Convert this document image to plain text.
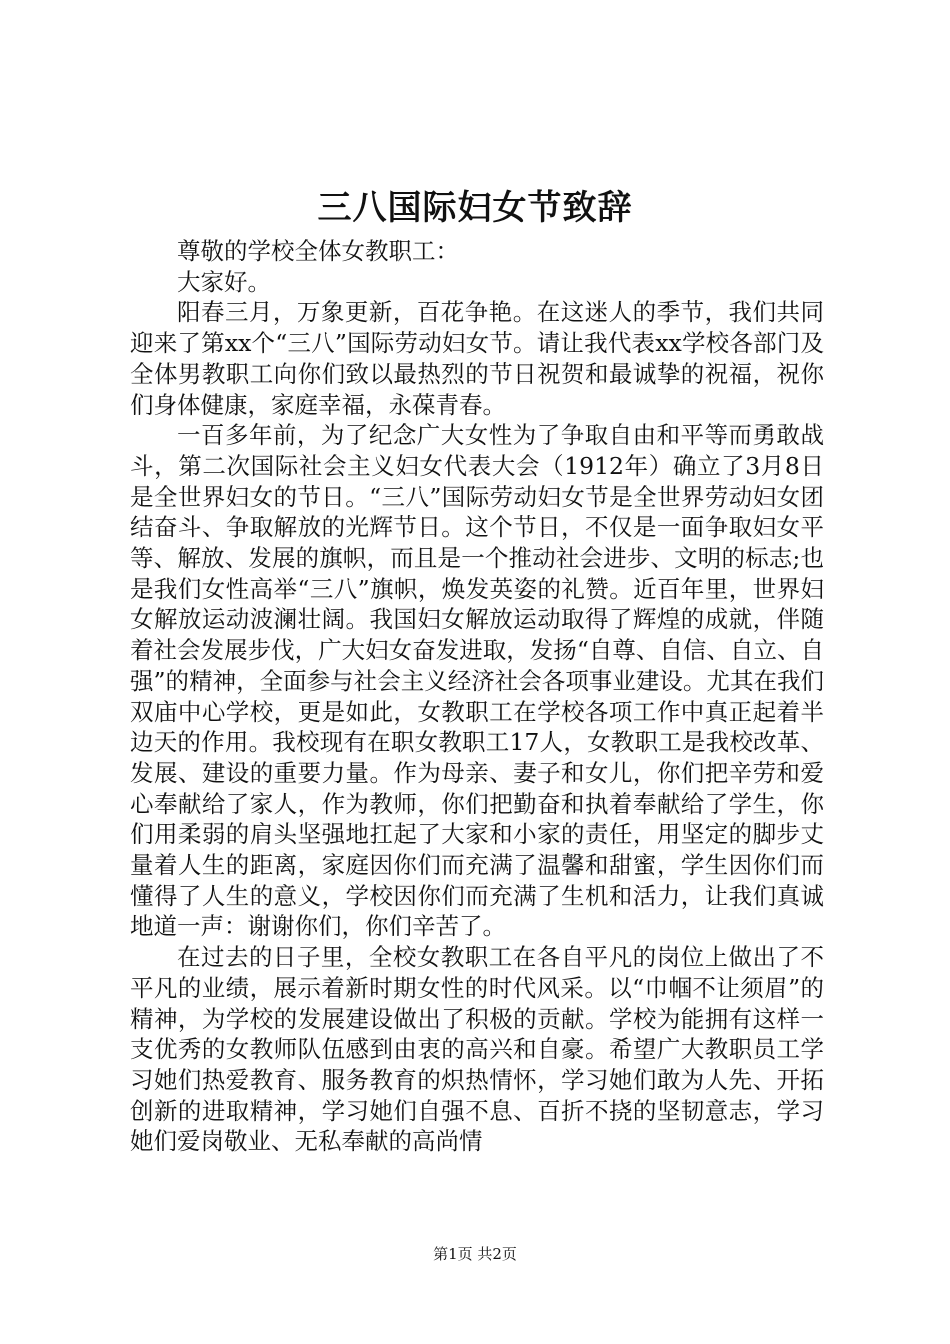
三八国际妇女节致辞

尊敬的学校全体女教职工：

大家好。

阳春三月，万象更新，百花争艳。在这迷人的季节，我们共同迎来了第xx个“三八”国际劳动妇女节。请让我代表xx学校各部门及全体男教职工向你们致以最热烈的节日祝贺和最诚挚的祝福，祝你们身体健康，家庭幸福，永葆青春。

一百多年前，为了纪念广大女性为了争取自由和平等而勇敢战斗，第二次国际社会主义妇女代表大会（1912年）确立了3月8日是全世界妇女的节日。“三八”国际劳动妇女节是全世界劳动妇女团结奋斗、争取解放的光辉节日。这个节日，不仅是一面争取妇女平等、解放、发展的旗帜，而且是一个推动社会进步、文明的标志;也是我们女性高举“三八”旗帜，焕发英姿的礼赞。近百年里，世界妇女解放运动波澜壮阔。我国妇女解放运动取得了辉煌的成就，伴随着社会发展步伐，广大妇女奋发进取，发扬“自尊、自信、自立、自强”的精神，全面参与社会主义经济社会各项事业建设。尤其在我们双庙中心学校，更是如此，女教职工在学校各项工作中真正起着半边天的作用。我校现有在职女教职工17人，女教职工是我校改革、发展、建设的重要力量。作为母亲、妻子和女儿，你们把辛劳和爱心奉献给了家人，作为教师，你们把勤奋和执着奉献给了学生，你们用柔弱的肩头坚强地扛起了大家和小家的责任，用坚定的脚步丈量着人生的距离，家庭因你们而充满了温馨和甜蜜，学生因你们而懂得了人生的意义，学校因你们而充满了生机和活力，让我们真诚地道一声：谢谢你们，你们辛苦了。

在过去的日子里，全校女教职工在各自平凡的岗位上做出了不平凡的业绩，展示着新时期女性的时代风采。以“巾帼不让须眉”的精神，为学校的发展建设做出了积极的贡献。学校为能拥有这样一支优秀的女教师队伍感到由衷的高兴和自豪。希望广大教职员工学习她们热爱教育、服务教育的炽热情怀，学习她们敢为人先、开拓创新的进取精神，学习她们自强不息、百折不挠的坚韧意志，学习她们爱岗敬业、无私奉献的高尚情

第1页 共2页
